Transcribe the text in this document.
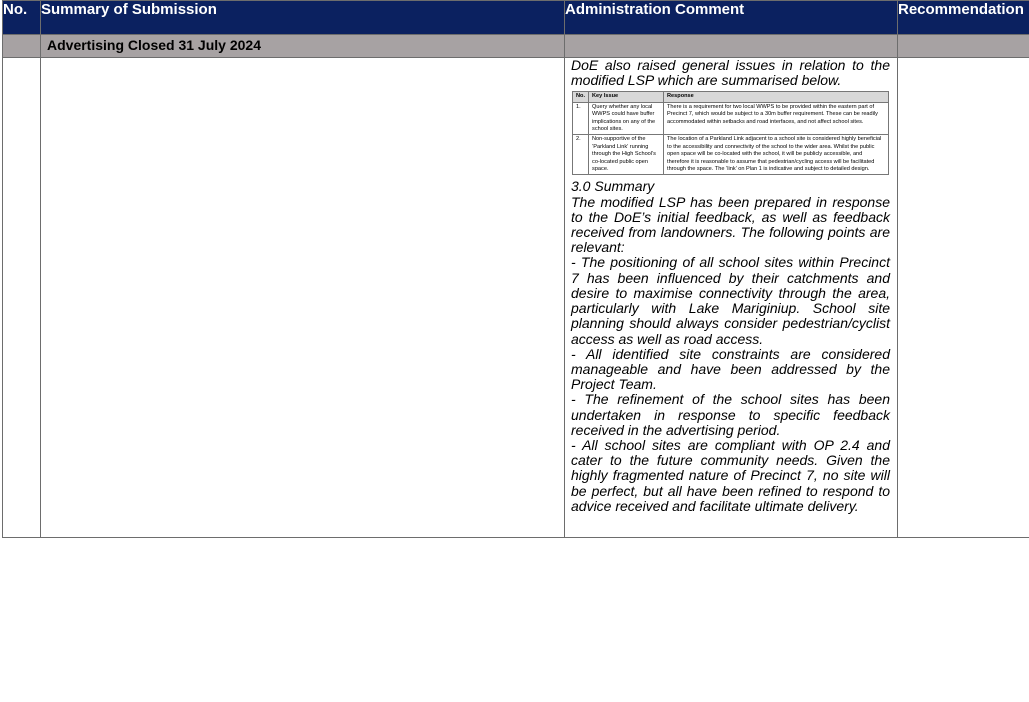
No.	Summary of Submission	Administration Comment	Recommendation

Advertising Closed 31 July 2024

DoE also raised general issues in relation to the

modified LSP which are summarised below.

No.	Key Issue	Response
1.	Query whether any local WWPS could have buffer implications on any of the school sites.	There is a requirement for two local WWPS to be provided within the eastern part of Precinct 7, which would be subject to a 30m buffer requirement. These can be readily accommodated within setbacks and road interfaces, and not affect school sites.
2.	Non-supportive of the ‘Parkland Link’ running through the High School’s co-located public open space.	The location of a Parkland Link adjacent to a school site is considered highly beneficial to the accessibility and connectivity of the school to the wider area. Whilst the public open space will be co-located with the school, it will be publicly accessible, and therefore it is reasonable to assume that pedestrian/cycling access will be facilitated through the space. The ‘link’ on Plan 1 is indicative and subject to detailed design.

3.0 Summary

The modified LSP has been prepared in response to the DoE’s initial feedback, as well as feedback received from landowners. The following points are relevant:

- The positioning of all school sites within Precinct 7 has been influenced by their catchments and desire to maximise connectivity through the area, particularly with Lake Mariginiup. School site planning should always consider pedestrian/cyclist access as well as road access.

- All identified site constraints are considered manageable and have been addressed by the Project Team.

- The refinement of the school sites has been undertaken in response to specific feedback received in the advertising period.

- All school sites are compliant with OP 2.4 and cater to the future community needs. Given the highly fragmented nature of Precinct 7, no site will be perfect, but all have been refined to respond to advice received and facilitate ultimate delivery.
